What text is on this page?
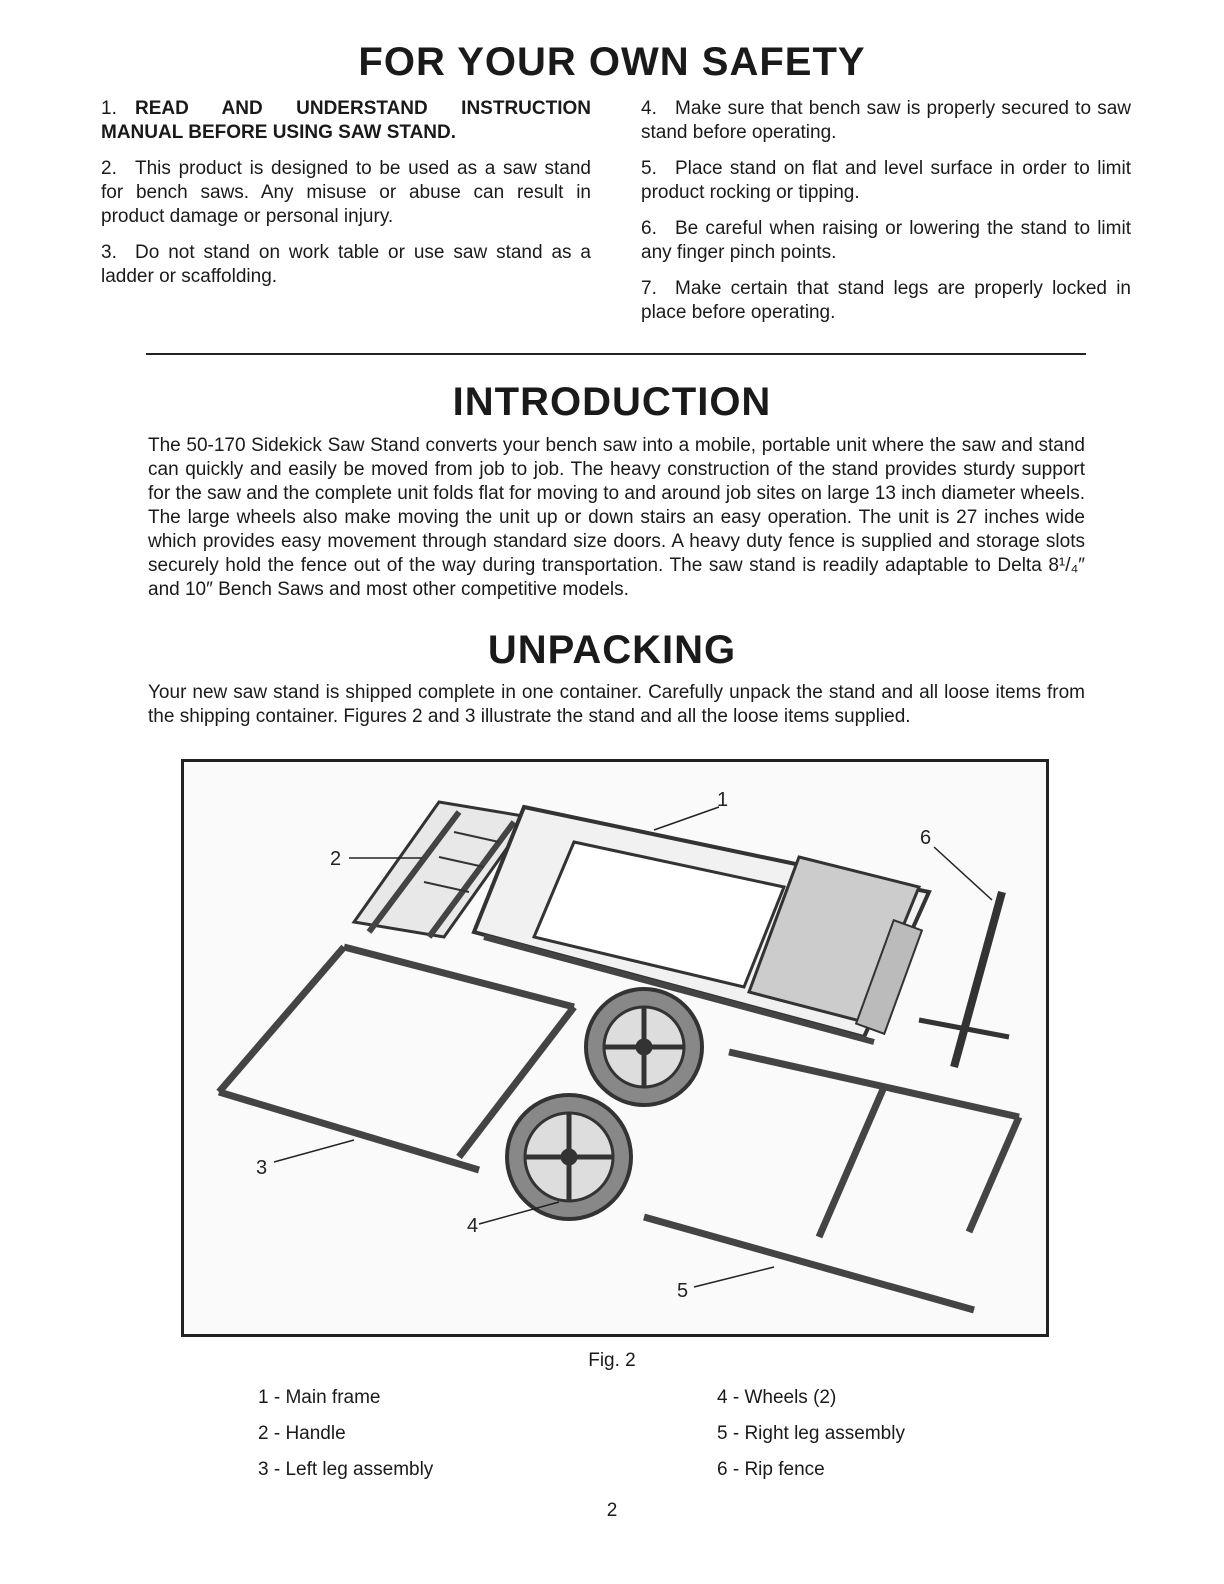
FOR YOUR OWN SAFETY

1. READ AND UNDERSTAND INSTRUCTION MANUAL BEFORE USING SAW STAND.

2. This product is designed to be used as a saw stand for bench saws. Any misuse or abuse can result in product damage or personal injury.

3. Do not stand on work table or use saw stand as a ladder or scaffolding.

4. Make sure that bench saw is properly secured to saw stand before operating.

5. Place stand on flat and level surface in order to limit product rocking or tipping.

6. Be careful when raising or lowering the stand to limit any finger pinch points.

7. Make certain that stand legs are properly locked in place before operating.

INTRODUCTION
The 50-170 Sidekick Saw Stand converts your bench saw into a mobile, portable unit where the saw and stand can quickly and easily be moved from job to job. The heavy construction of the stand provides sturdy support for the saw and the complete unit folds flat for moving to and around job sites on large 13 inch diameter wheels. The large wheels also make moving the unit up or down stairs an easy operation. The unit is 27 inches wide which provides easy movement through standard size doors. A heavy duty fence is supplied and storage slots securely hold the fence out of the way during transportation. The saw stand is readily adaptable to Delta 8¹/₄″ and 10″ Bench Saws and most other competitive models.
UNPACKING
Your new saw stand is shipped complete in one container. Carefully unpack the stand and all loose items from the shipping container. Figures 2 and 3 illustrate the stand and all the loose items supplied.
1
2
3
4
5
6
Fig. 2
1 - Main frame
2 - Handle
3 - Left leg assembly
4 - Wheels (2)
5 - Right leg assembly
6 - Rip fence
2
